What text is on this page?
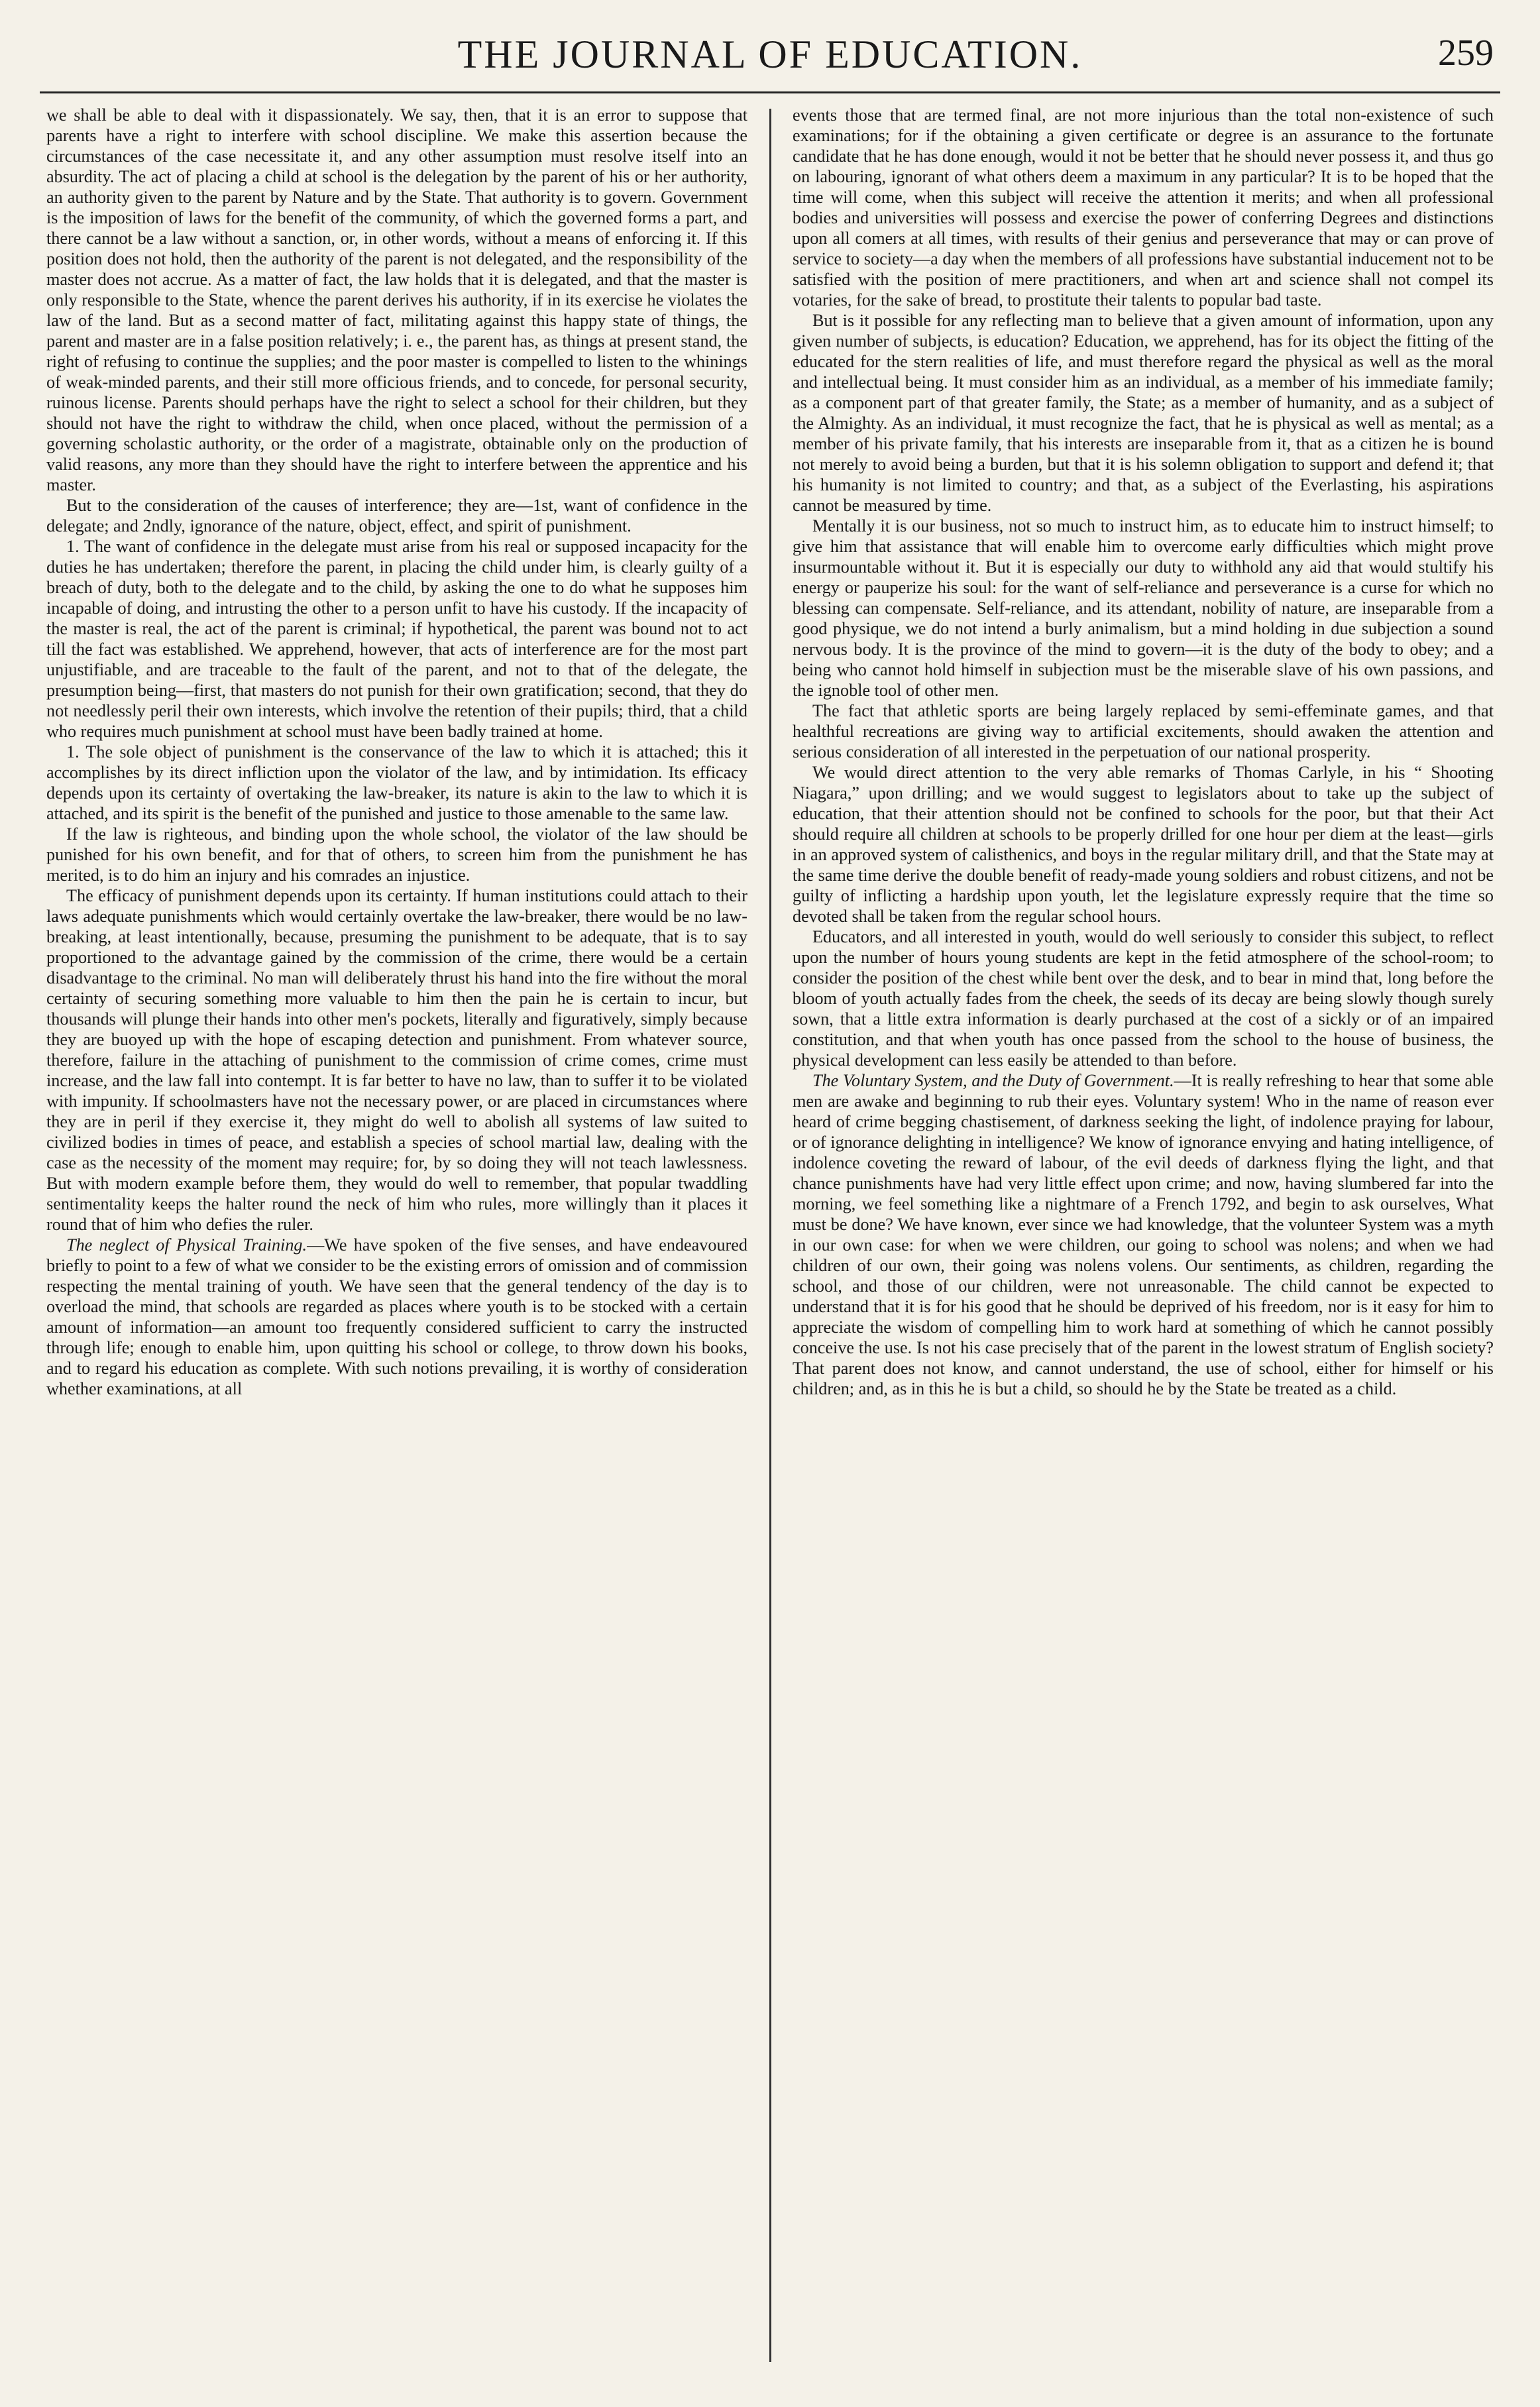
THE JOURNAL OF EDUCATION.	259

we shall be able to deal with it dispassionately. We say, then, that it is an error to suppose that parents have a right to interfere with school discipline. We make this assertion because the circumstances of the case necessitate it, and any other assumption must resolve itself into an absurdity. The act of placing a child at school is the delegation by the parent of his or her authority, an authority given to the parent by Nature and by the State. That authority is to govern. Government is the imposition of laws for the benefit of the community, of which the governed forms a part, and there cannot be a law without a sanction, or, in other words, without a means of enforcing it. If this position does not hold, then the authority of the parent is not delegated, and the responsibility of the master does not accrue. As a matter of fact, the law holds that it is delegated, and that the master is only responsible to the State, whence the parent derives his authority, if in its exercise he violates the law of the land. But as a second matter of fact, militating against this happy state of things, the parent and master are in a false position relatively; i. e., the parent has, as things at present stand, the right of refusing to continue the supplies; and the poor master is compelled to listen to the whinings of weak-minded parents, and their still more officious friends, and to concede, for personal security, ruinous license. Parents should perhaps have the right to select a school for their children, but they should not have the right to withdraw the child, when once placed, without the permission of a governing scholastic authority, or the order of a magistrate, obtainable only on the production of valid reasons, any more than they should have the right to interfere between the apprentice and his master.

But to the consideration of the causes of interference; they are—1st, want of confidence in the delegate; and 2ndly, ignorance of the nature, object, effect, and spirit of punishment.

1. The want of confidence in the delegate must arise from his real or supposed incapacity for the duties he has undertaken; therefore the parent, in placing the child under him, is clearly guilty of a breach of duty, both to the delegate and to the child, by asking the one to do what he supposes him incapable of doing, and intrusting the other to a person unfit to have his custody. If the incapacity of the master is real, the act of the parent is criminal; if hypothetical, the parent was bound not to act till the fact was established. We apprehend, however, that acts of interference are for the most part unjustifiable, and are traceable to the fault of the parent, and not to that of the delegate, the presumption being—first, that masters do not punish for their own gratification; second, that they do not needlessly peril their own interests, which involve the retention of their pupils; third, that a child who requires much punishment at school must have been badly trained at home.

1. The sole object of punishment is the conservance of the law to which it is attached; this it accomplishes by its direct infliction upon the violator of the law, and by intimidation. Its efficacy depends upon its certainty of overtaking the law-breaker, its nature is akin to the law to which it is attached, and its spirit is the benefit of the punished and justice to those amenable to the same law.

If the law is righteous, and binding upon the whole school, the violator of the law should be punished for his own benefit, and for that of others, to screen him from the punishment he has merited, is to do him an injury and his comrades an injustice.

The efficacy of punishment depends upon its certainty. If human institutions could attach to their laws adequate punishments which would certainly overtake the law-breaker, there would be no law-breaking, at least intentionally, because, presuming the punishment to be adequate, that is to say proportioned to the advantage gained by the commission of the crime, there would be a certain disadvantage to the criminal. No man will deliberately thrust his hand into the fire without the moral certainty of securing something more valuable to him then the pain he is certain to incur, but thousands will plunge their hands into other men's pockets, literally and figuratively, simply because they are buoyed up with the hope of escaping detection and punishment. From whatever source, therefore, failure in the attaching of punishment to the commission of crime comes, crime must increase, and the law fall into contempt. It is far better to have no law, than to suffer it to be violated with impunity. If schoolmasters have not the necessary power, or are placed in circumstances where they are in peril if they exercise it, they might do well to abolish all systems of law suited to civilized bodies in times of peace, and establish a species of school martial law, dealing with the case as the necessity of the moment may require; for, by so doing they will not teach lawlessness. But with modern example before them, they would do well to remember, that popular twaddling sentimentality keeps the halter round the neck of him who rules, more willingly than it places it round that of him who defies the ruler.

The neglect of Physical Training.—We have spoken of the five senses, and have endeavoured briefly to point to a few of what we consider to be the existing errors of omission and of commission respecting the mental training of youth. We have seen that the general tendency of the day is to overload the mind, that schools are regarded as places where youth is to be stocked with a certain amount of information—an amount too frequently considered sufficient to carry the instructed through life; enough to enable him, upon quitting his school or college, to throw down his books, and to regard his education as complete. With such notions prevailing, it is worthy of consideration whether examinations, at all

events those that are termed final, are not more injurious than the total non-existence of such examinations; for if the obtaining a given certificate or degree is an assurance to the fortunate candidate that he has done enough, would it not be better that he should never possess it, and thus go on labouring, ignorant of what others deem a maximum in any particular? It is to be hoped that the time will come, when this subject will receive the attention it merits; and when all professional bodies and universities will possess and exercise the power of conferring Degrees and distinctions upon all comers at all times, with results of their genius and perseverance that may or can prove of service to society—a day when the members of all professions have substantial inducement not to be satisfied with the position of mere practitioners, and when art and science shall not compel its votaries, for the sake of bread, to prostitute their talents to popular bad taste.

But is it possible for any reflecting man to believe that a given amount of information, upon any given number of subjects, is education? Education, we apprehend, has for its object the fitting of the educated for the stern realities of life, and must therefore regard the physical as well as the moral and intellectual being. It must consider him as an individual, as a member of his immediate family; as a component part of that greater family, the State; as a member of humanity, and as a subject of the Almighty. As an individual, it must recognize the fact, that he is physical as well as mental; as a member of his private family, that his interests are inseparable from it, that as a citizen he is bound not merely to avoid being a burden, but that it is his solemn obligation to support and defend it; that his humanity is not limited to country; and that, as a subject of the Everlasting, his aspirations cannot be measured by time.

Mentally it is our business, not so much to instruct him, as to educate him to instruct himself; to give him that assistance that will enable him to overcome early difficulties which might prove insurmountable without it. But it is especially our duty to withhold any aid that would stultify his energy or pauperize his soul: for the want of self-reliance and perseverance is a curse for which no blessing can compensate. Self-reliance, and its attendant, nobility of nature, are inseparable from a good physique, we do not intend a burly animalism, but a mind holding in due subjection a sound nervous body. It is the province of the mind to govern—it is the duty of the body to obey; and a being who cannot hold himself in subjection must be the miserable slave of his own passions, and the ignoble tool of other men.

The fact that athletic sports are being largely replaced by semi-effeminate games, and that healthful recreations are giving way to artificial excitements, should awaken the attention and serious consideration of all interested in the perpetuation of our national prosperity.

We would direct attention to the very able remarks of Thomas Carlyle, in his “ Shooting Niagara,” upon drilling; and we would suggest to legislators about to take up the subject of education, that their attention should not be confined to schools for the poor, but that their Act should require all children at schools to be properly drilled for one hour per diem at the least—girls in an approved system of calisthenics, and boys in the regular military drill, and that the State may at the same time derive the double benefit of ready-made young soldiers and robust citizens, and not be guilty of inflicting a hardship upon youth, let the legislature expressly require that the time so devoted shall be taken from the regular school hours.

Educators, and all interested in youth, would do well seriously to consider this subject, to reflect upon the number of hours young students are kept in the fetid atmosphere of the school-room; to consider the position of the chest while bent over the desk, and to bear in mind that, long before the bloom of youth actually fades from the cheek, the seeds of its decay are being slowly though surely sown, that a little extra information is dearly purchased at the cost of a sickly or of an impaired constitution, and that when youth has once passed from the school to the house of business, the physical development can less easily be attended to than before.

The Voluntary System, and the Duty of Government.—It is really refreshing to hear that some able men are awake and beginning to rub their eyes. Voluntary system! Who in the name of reason ever heard of crime begging chastisement, of darkness seeking the light, of indolence praying for labour, or of ignorance delighting in intelligence? We know of ignorance envying and hating intelligence, of indolence coveting the reward of labour, of the evil deeds of darkness flying the light, and that chance punishments have had very little effect upon crime; and now, having slumbered far into the morning, we feel something like a nightmare of a French 1792, and begin to ask ourselves, What must be done? We have known, ever since we had knowledge, that the volunteer System was a myth in our own case: for when we were children, our going to school was nolens; and when we had children of our own, their going was nolens volens. Our sentiments, as children, regarding the school, and those of our children, were not unreasonable. The child cannot be expected to understand that it is for his good that he should be deprived of his freedom, nor is it easy for him to appreciate the wisdom of compelling him to work hard at something of which he cannot possibly conceive the use. Is not his case precisely that of the parent in the lowest stratum of English society? That parent does not know, and cannot understand, the use of school, either for himself or his children; and, as in this he is but a child, so should he by the State be treated as a child.
